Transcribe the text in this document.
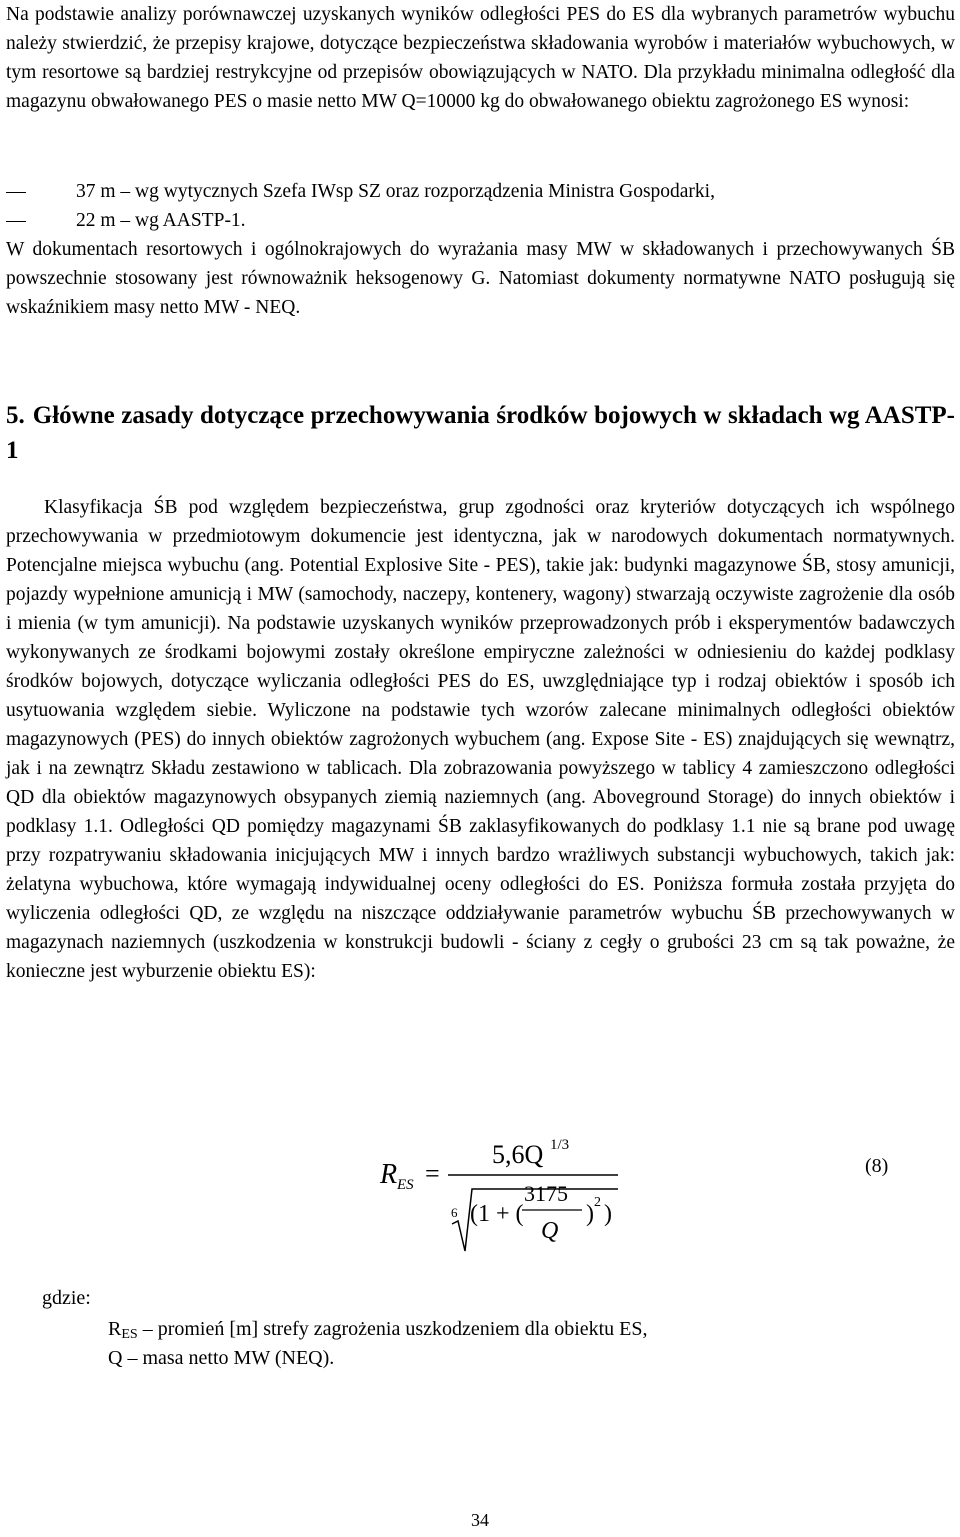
Na podstawie analizy porównawczej uzyskanych wyników odległości PES do ES dla wybranych parametrów wybuchu należy stwierdzić, że przepisy krajowe, dotyczące bezpieczeństwa składowania wyrobów i materiałów wybuchowych, w tym resortowe są bardziej restrykcyjne od przepisów obowiązujących w NATO. Dla przykładu minimalna odległość dla magazynu obwałowanego PES o masie netto MW Q=10000 kg do obwałowanego obiektu zagrożonego ES wynosi:

37 m – wg wytycznych Szefa IWsp SZ oraz rozporządzenia Ministra Gospodarki,
22 m – wg AASTP-1.

W dokumentach resortowych i ogólnokrajowych do wyrażania masy MW w składowanych i przechowywanych ŚB powszechnie stosowany jest równoważnik heksogenowy G. Natomiast dokumenty normatywne NATO posługują się wskaźnikiem masy netto MW - NEQ.

5. Główne zasady dotyczące przechowywania środków bojowych w składach wg AASTP-1

Klasyfikacja ŚB pod względem bezpieczeństwa, grup zgodności oraz kryteriów dotyczących ich wspólnego przechowywania w przedmiotowym dokumencie jest identyczna, jak w narodowych dokumentach normatywnych. Potencjalne miejsca wybuchu (ang. Potential Explosive Site - PES), takie jak: budynki magazynowe ŚB, stosy amunicji, pojazdy wypełnione amunicją i MW (samochody, naczepy, kontenery, wagony) stwarzają oczywiste zagrożenie dla osób i mienia (w tym amunicji). Na podstawie uzyskanych wyników przeprowadzonych prób i eksperymentów badawczych wykonywanych ze środkami bojowymi zostały określone empiryczne zależności w odniesieniu do każdej podklasy środków bojowych, dotyczące wyliczania odległości PES do ES, uwzględniające typ i rodzaj obiektów i sposób ich usytuowania względem siebie. Wyliczone na podstawie tych wzorów zalecane minimalnych odległości obiektów magazynowych (PES) do innych obiektów zagrożonych wybuchem (ang. Expose Site - ES) znajdujących się wewnątrz, jak i na zewnątrz Składu zestawiono w tablicach. Dla zobrazowania powyższego w tablicy 4 zamieszczono odległości QD dla obiektów magazynowych obsypanych ziemią naziemnych (ang. Aboveground Storage) do innych obiektów i podklasy 1.1. Odległości QD pomiędzy magazynami ŚB zaklasyfikowanych do podklasy 1.1 nie są brane pod uwagę przy rozpatrywaniu składowania inicjujących MW i innych bardzo wrażliwych substancji wybuchowych, takich jak: żelatyna wybuchowa, które wymagają indywidualnej oceny odległości do ES. Poniższa formuła została przyjęta do wyliczenia odległości QD, ze względu na niszczące oddziaływanie parametrów wybuchu ŚB przechowywanych w magazynach naziemnych (uszkodzenia w konstrukcji budowli - ściany z cegły o grubości 23 cm są tak poważne, że konieczne jest wyburzenie obiektu ES):

R ES =
5,6Q 1/3
6 (1 + (
3175
Q
) 2 )
(8)
gdzie:
$R_{ES}$ – promień [m] strefy zagrożenia uszkodzeniem dla obiektu ES,
Q – masa netto MW (NEQ).
34
